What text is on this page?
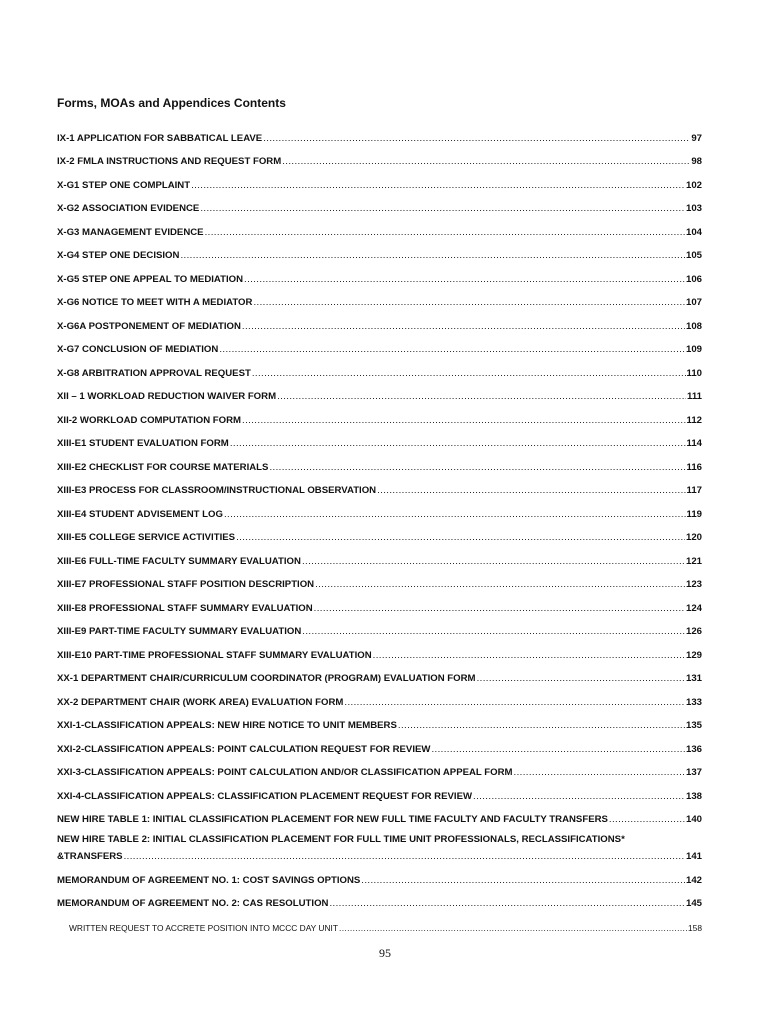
Forms, MOAs and Appendices Contents
IX-1 APPLICATION FOR SABBATICAL LEAVE .....	97
IX-2 FMLA INSTRUCTIONS AND REQUEST FORM .....	98
X-G1 STEP ONE COMPLAINT .....	102
X-G2 ASSOCIATION EVIDENCE .....	103
X-G3 MANAGEMENT EVIDENCE .....	104
X-G4 STEP ONE DECISION .....	105
X-G5 STEP ONE APPEAL TO MEDIATION .....	106
X-G6 NOTICE TO MEET WITH A MEDIATOR .....	107
X-G6A POSTPONEMENT OF MEDIATION .....	108
X-G7 CONCLUSION OF MEDIATION .....	109
X-G8 ARBITRATION APPROVAL REQUEST .....	110
XII – 1 WORKLOAD REDUCTION WAIVER FORM .....	111
XII-2 WORKLOAD COMPUTATION FORM .....	112
XIII-E1 STUDENT EVALUATION FORM .....	114
XIII-E2 CHECKLIST FOR COURSE MATERIALS .....	116
XIII-E3 PROCESS FOR CLASSROOM/INSTRUCTIONAL OBSERVATION .....	117
XIII-E4 STUDENT ADVISEMENT LOG .....	119
XIII-E5 COLLEGE SERVICE ACTIVITIES .....	120
XIII-E6 FULL-TIME FACULTY SUMMARY EVALUATION .....	121
XIII-E7 PROFESSIONAL STAFF POSITION DESCRIPTION .....	123
XIII-E8 PROFESSIONAL STAFF SUMMARY EVALUATION .....	124
XIII-E9 PART-TIME FACULTY SUMMARY EVALUATION .....	126
XIII-E10 PART-TIME PROFESSIONAL STAFF SUMMARY EVALUATION .....	129
XX-1 DEPARTMENT CHAIR/CURRICULUM COORDINATOR (PROGRAM) EVALUATION FORM .....	131
XX-2 DEPARTMENT CHAIR (WORK AREA) EVALUATION FORM .....	133
XXI-1-CLASSIFICATION APPEALS: NEW HIRE NOTICE TO UNIT MEMBERS .....	135
XXI-2-CLASSIFICATION APPEALS: POINT CALCULATION REQUEST FOR REVIEW .....	136
XXI-3-CLASSIFICATION APPEALS: POINT CALCULATION AND/OR CLASSIFICATION APPEAL FORM .....	137
XXI-4-CLASSIFICATION APPEALS: CLASSIFICATION PLACEMENT REQUEST FOR REVIEW .....	138
NEW HIRE TABLE 1: INITIAL CLASSIFICATION PLACEMENT FOR NEW FULL TIME FACULTY AND FACULTY TRANSFERS .....	140
NEW HIRE TABLE 2: INITIAL CLASSIFICATION PLACEMENT FOR FULL TIME UNIT PROFESSIONALS, RECLASSIFICATIONS*
&TRANSFERS .....	141
MEMORANDUM OF AGREEMENT NO. 1: COST SAVINGS OPTIONS .....	142
MEMORANDUM OF AGREEMENT NO. 2: CAS RESOLUTION .....	145
WRITTEN REQUEST TO ACCRETE POSITION INTO MCCC DAY UNIT .....	158
95
